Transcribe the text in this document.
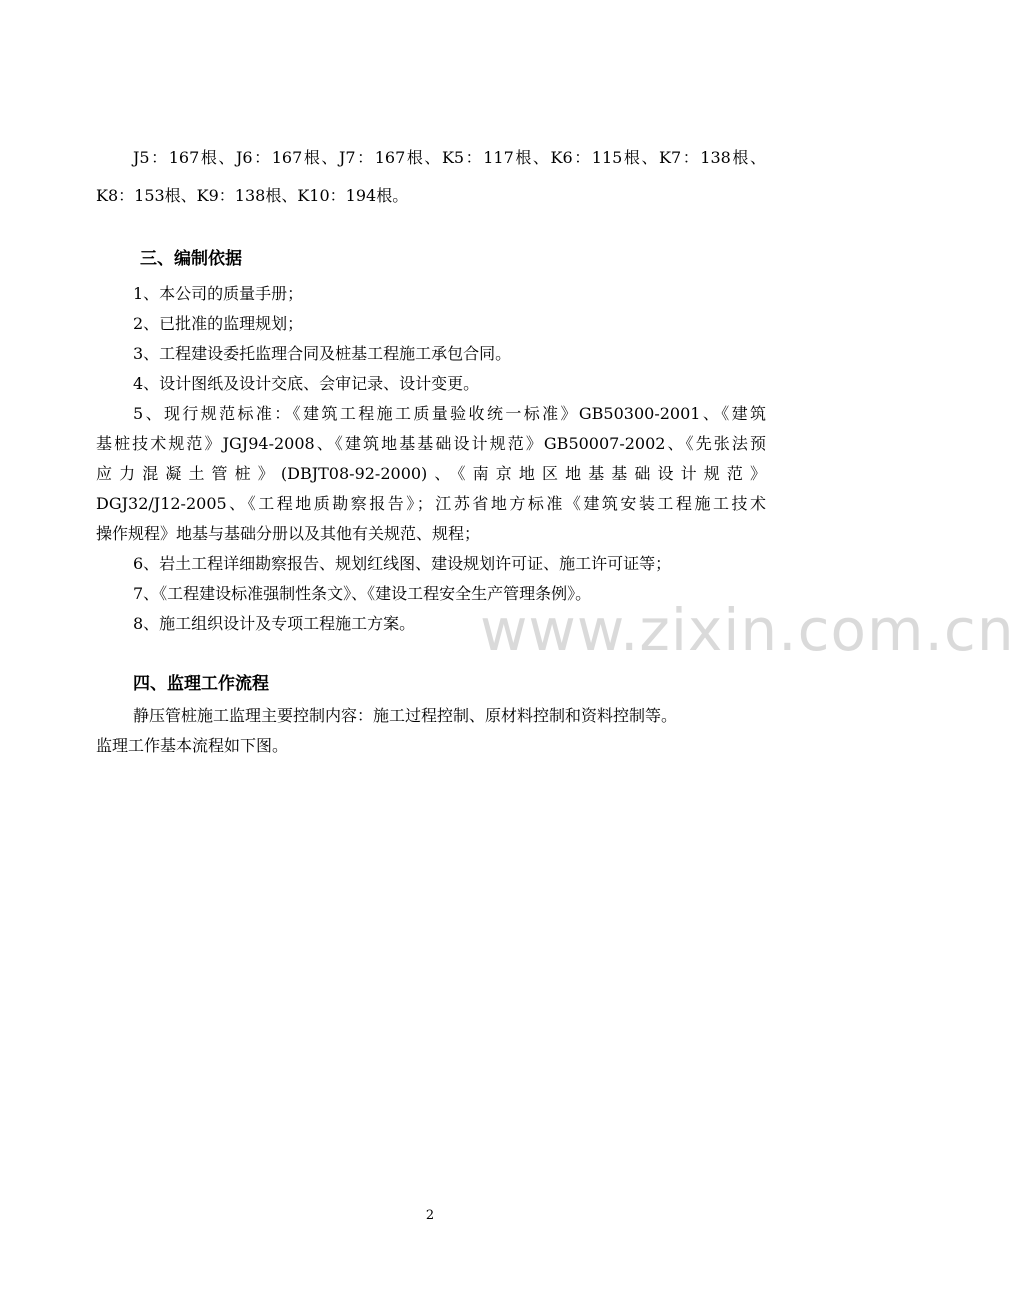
J5：167根、J6：167根、J7：167根、K5：117根、K6：115根、K7：138根、
K8：153根、K9：138根、K10：194根。

三、编制依据
1、本公司的质量手册；
2、已批准的监理规划；
3、工程建设委托监理合同及桩基工程施工承包合同。
4、设计图纸及设计交底、会审记录、设计变更。
5、现行规范标准：《建筑工程施工质量验收统一标准》GB50300-2001、《建筑
基桩技术规范》JGJ94-2008、《建筑地基基础设计规范》GB50007-2002、《先张法预
应力混凝土管桩》(DBJT08-92-2000)、《南京地区地基基础设计规范》
DGJ32/J12-2005、《工程地质勘察报告》；江苏省地方标准《建筑安装工程施工技术
操作规程》地基与基础分册以及其他有关规范、规程；
6、岩土工程详细勘察报告、规划红线图、建设规划许可证、施工许可证等；
7、《工程建设标准强制性条文》、《建设工程安全生产管理条例》。
8、施工组织设计及专项工程施工方案。 www.zixin.com.cn
四、监理工作流程
静压管桩施工监理主要控制内容：施工过程控制、原材料控制和资料控制等。
监理工作基本流程如下图。
2
